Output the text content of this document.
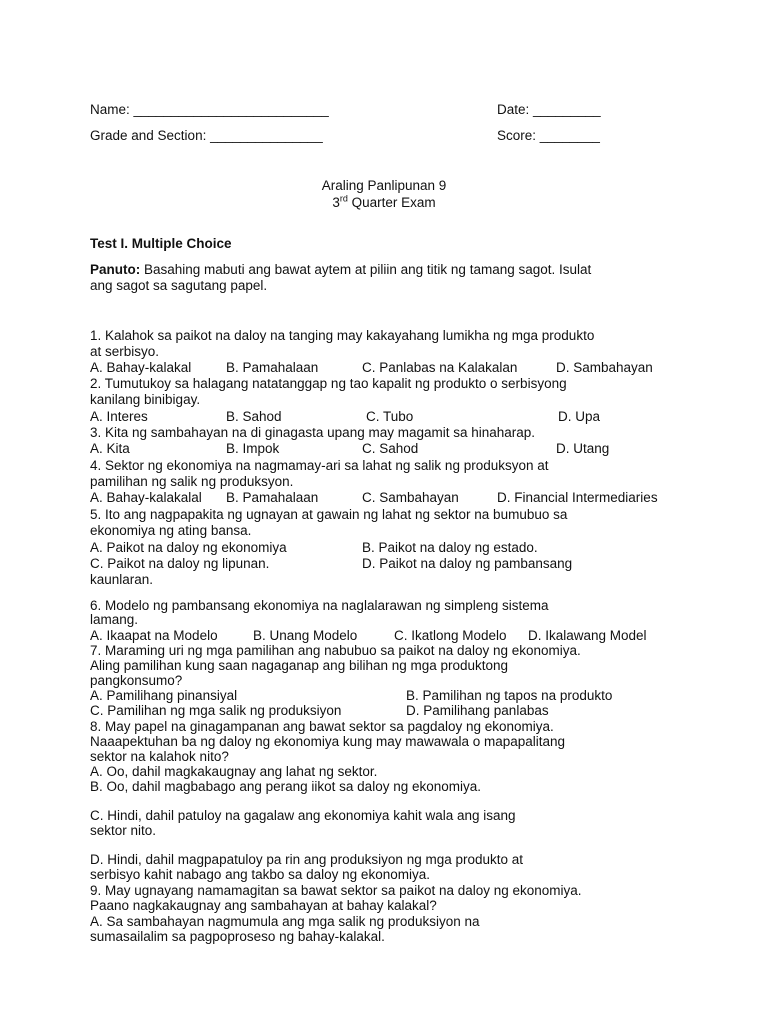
Name: __________________________	Date: _________
Grade and Section: _______________	Score: ________
Araling Panlipunan 9
3rd Quarter Exam
Test I. Multiple Choice
Panuto: Basahing mabuti ang bawat aytem at piliin ang titik ng tamang sagot. Isulat
ang sagot sa sagutang papel.
1. Kalahok sa paikot na daloy na tanging may kakayahang lumikha ng mga produkto
at serbisyo.
A. Bahay-kalakal	B. Pamahalaan	C. Panlabas na Kalakalan	D. Sambahayan
2. Tumutukoy sa halagang natatanggap ng tao kapalit ng produkto o serbisyong
kanilang binibigay.
A. Interes	B. Sahod	C. Tubo	D. Upa
3. Kita ng sambahayan na di ginagasta upang may magamit sa hinaharap.
A. Kita	B. Impok	C. Sahod	D. Utang
4. Sektor ng ekonomiya na nagmamay-ari sa lahat ng salik ng produksyon at
pamilihan ng salik ng produksyon.
A. Bahay-kalakalal B. Pamahalaan	C. Sambahayan	D. Financial Intermediaries
5. Ito ang nagpapakita ng ugnayan at gawain ng lahat ng sektor na bumubuo sa
ekonomiya ng ating bansa.
A. Paikot na daloy ng ekonomiya	B. Paikot na daloy ng estado.
C. Paikot na daloy ng lipunan.	D. Paikot na daloy ng pambansang
kaunlaran.
6. Modelo ng pambansang ekonomiya na naglalarawan ng simpleng sistema
lamang.
A. Ikaapat na Modelo	B. Unang Modelo	C. Ikatlong Modelo D. Ikalawang Model
7. Maraming uri ng mga pamilihan ang nabubuo sa paikot na daloy ng ekonomiya.
Aling pamilihan kung saan nagaganap ang bilihan ng mga produktong
pangkonsumo?
A. Pamilihang pinansiyal	B. Pamilihan ng tapos na produkto
C. Pamilihan ng mga salik ng produksiyon	D. Pamilihang panlabas
8. May papel na ginagampanan ang bawat sektor sa pagdaloy ng ekonomiya.
Naaapektuhan ba ng daloy ng ekonomiya kung may mawawala o mapapalitang
sektor na kalahok nito?
A. Oo, dahil magkakaugnay ang lahat ng sektor.
B. Oo, dahil magbabago ang perang iikot sa daloy ng ekonomiya.
C. Hindi, dahil patuloy na gagalaw ang ekonomiya kahit wala ang isang
sektor nito.
D. Hindi, dahil magpapatuloy pa rin ang produksiyon ng mga produkto at
serbisyo kahit nabago ang takbo sa daloy ng ekonomiya.
9. May ugnayang namamagitan sa bawat sektor sa paikot na daloy ng ekonomiya.
Paano nagkakaugnay ang sambahayan at bahay kalakal?
A. Sa sambahayan nagmumula ang mga salik ng produksiyon na
sumasailalim sa pagpoproseso ng bahay-kalakal.
